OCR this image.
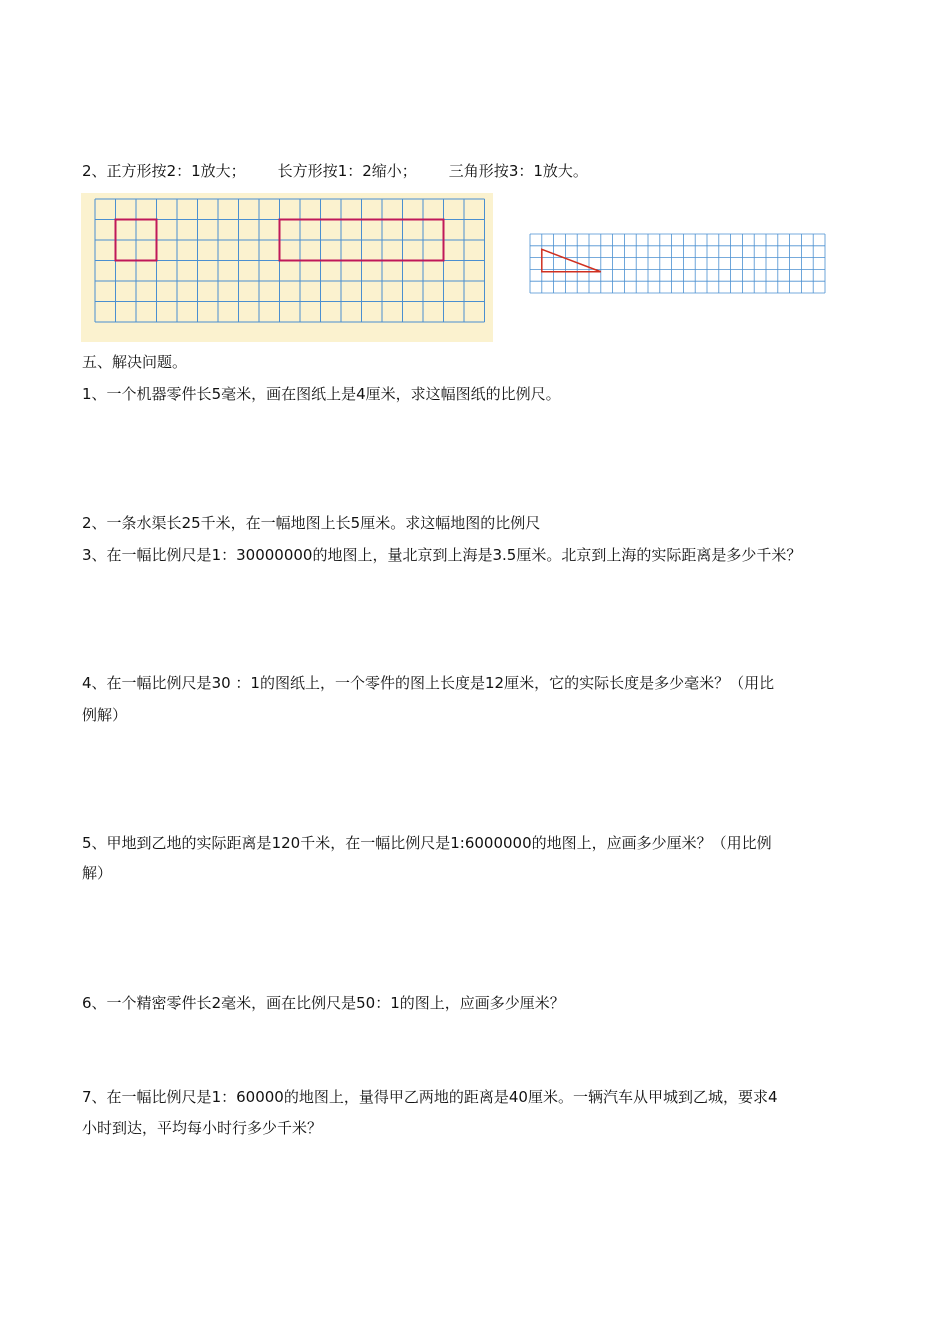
2、正方形按2：1放大； 长方形按1：2缩小； 三角形按3：1放大。
五、解决问题。
1、一个机器零件长5毫米，画在图纸上是4厘米，求这幅图纸的比例尺。
2、一条水渠长25千米，在一幅地图上长5厘米。求这幅地图的比例尺
3、在一幅比例尺是1：30000000的地图上，量北京到上海是3.5厘米。北京到上海的实际距离是多少千米？
4、在一幅比例尺是30 ：1的图纸上，一个零件的图上长度是12厘米，它的实际长度是多少毫米？（用比
例解）
5、甲地到乙地的实际距离是120千米，在一幅比例尺是1:6000000的地图上，应画多少厘米？（用比例
解）
6、一个精密零件长2毫米，画在比例尺是50：1的图上，应画多少厘米？
7、在一幅比例尺是1：60000的地图上，量得甲乙两地的距离是40厘米。一辆汽车从甲城到乙城，要求4
小时到达，平均每小时行多少千米？
